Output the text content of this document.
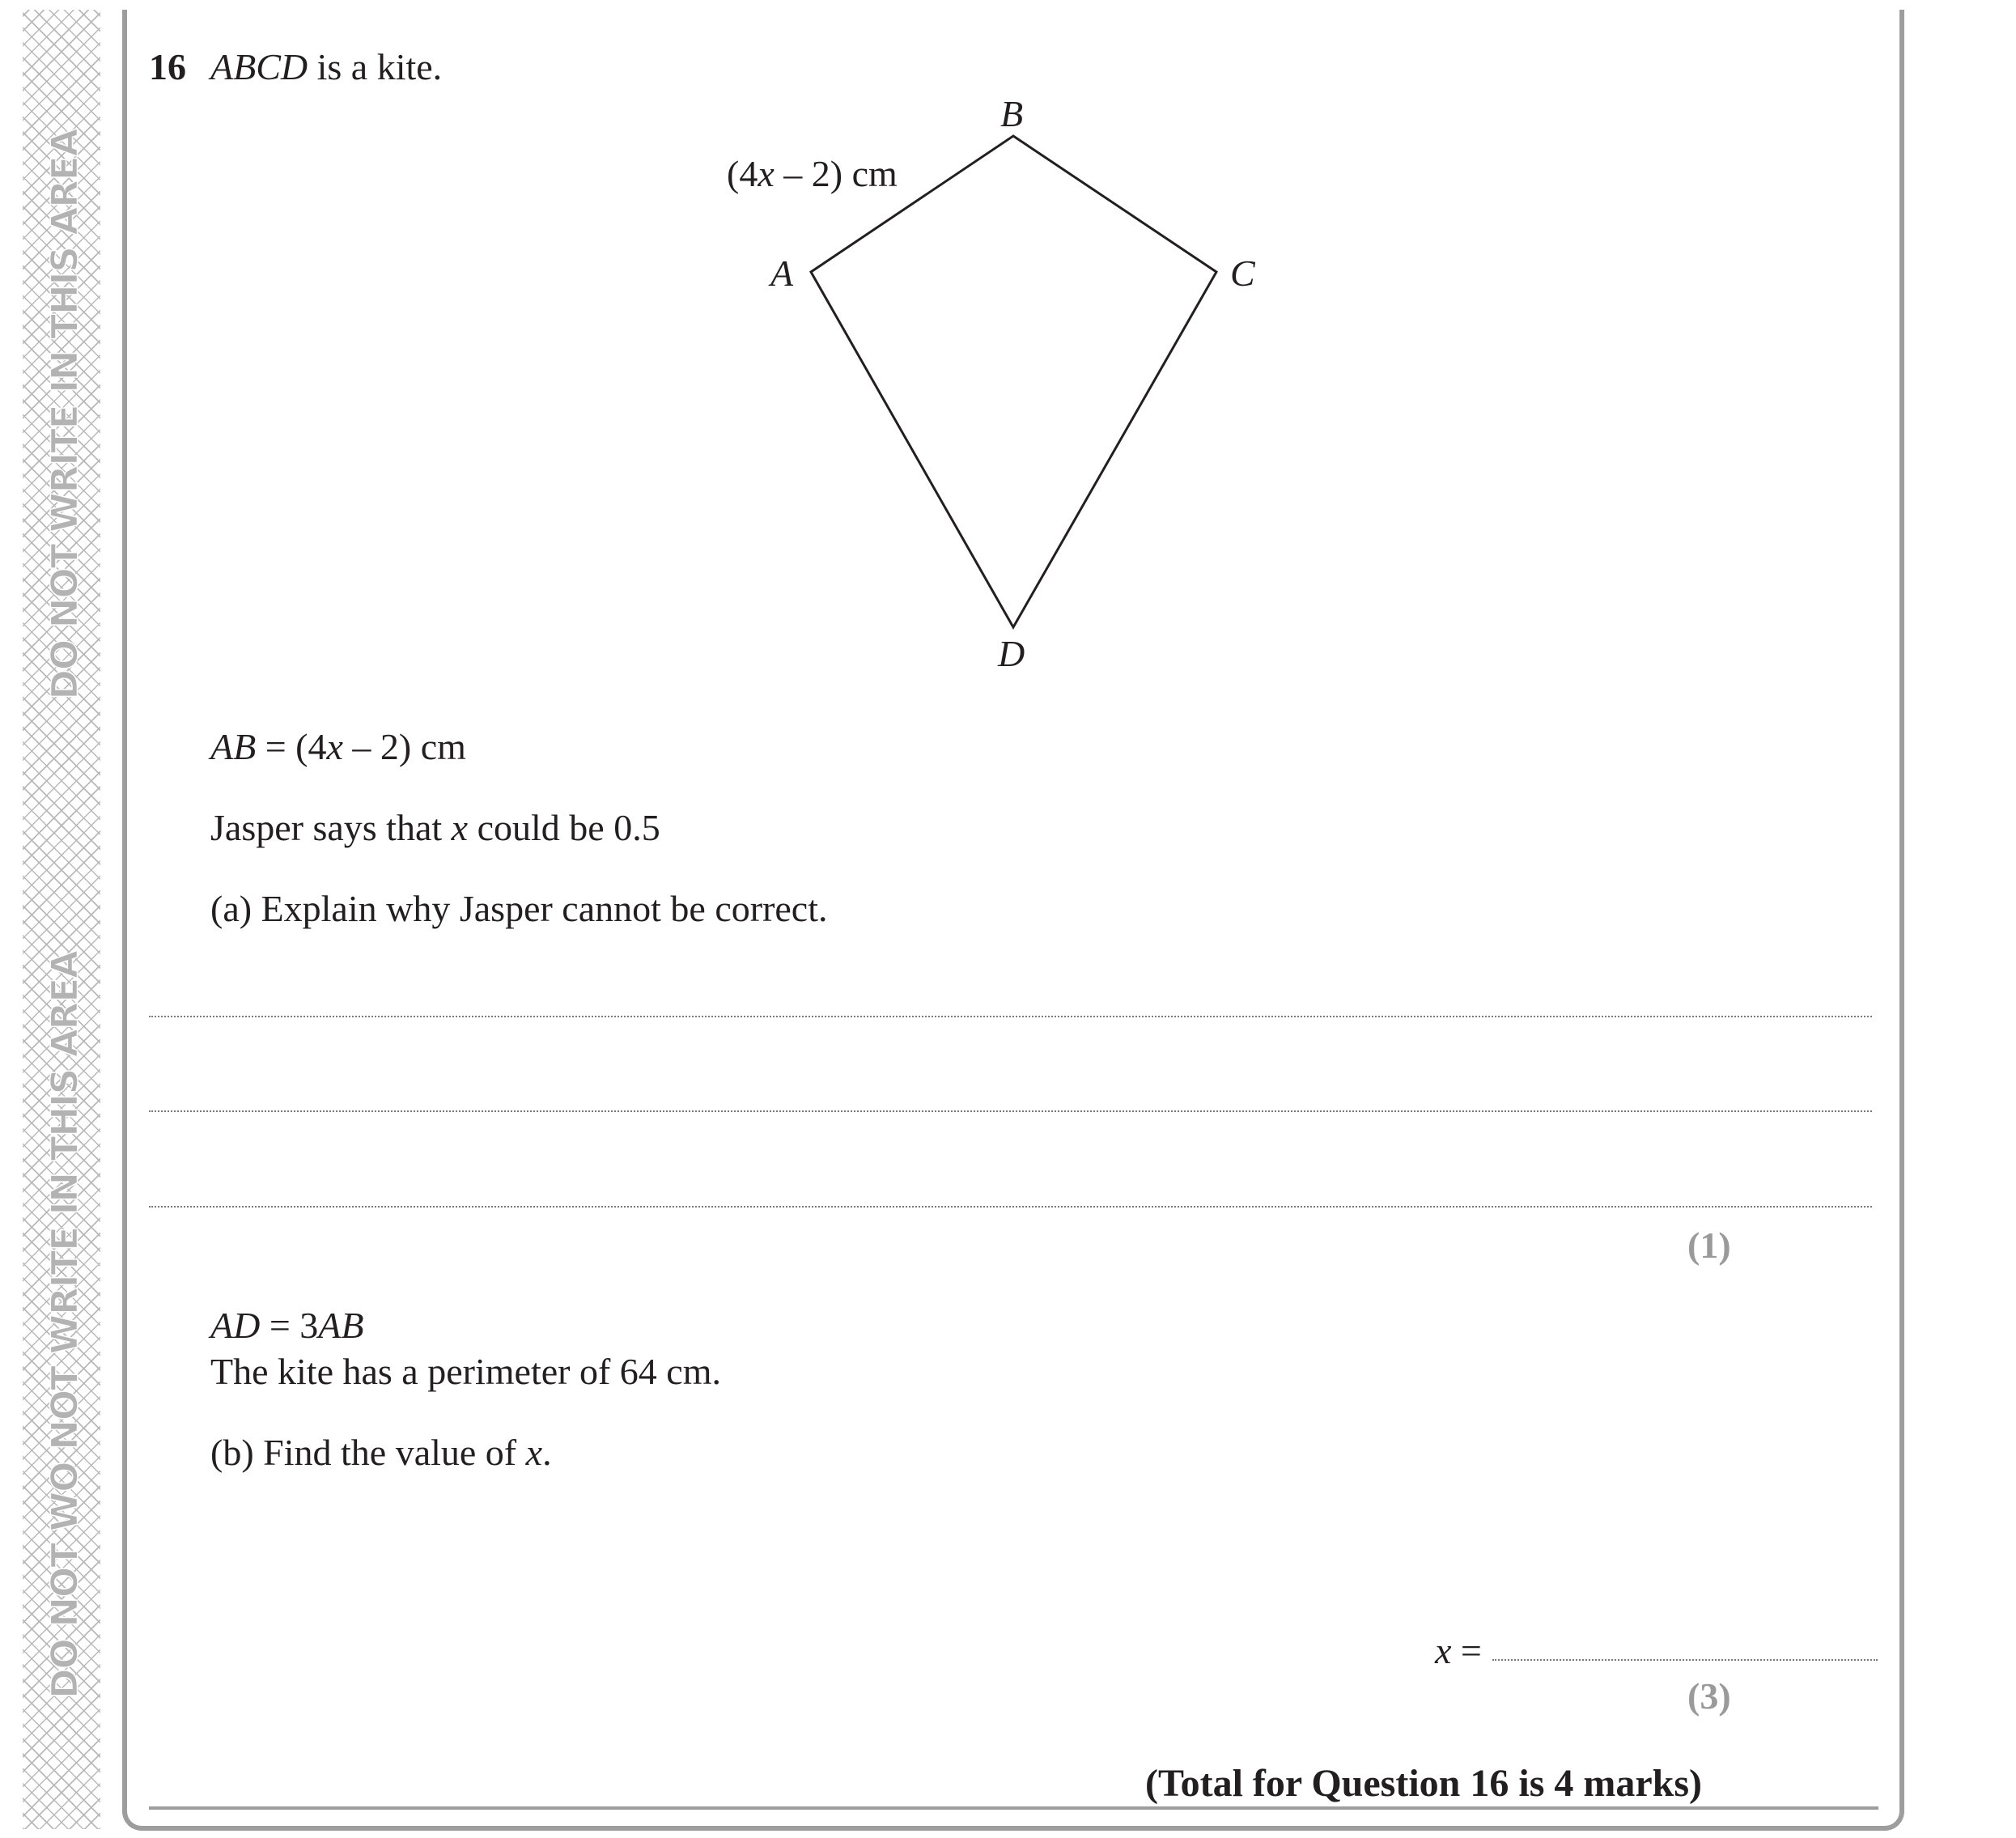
DO NOT WRITE IN THIS AREA
DO NOT WO NOT WRITE IN THIS AREA
16 ABCD is a kite.
B
A	C
D
(4x – 2) cm
AB = (4x – 2) cm
Jasper says that x could be 0.5
(a) Explain why Jasper cannot be correct.
(1)
AD = 3AB
The kite has a perimeter of 64 cm.
(b) Find the value of x.
x =
(3)
(Total for Question 16 is 4 marks)
